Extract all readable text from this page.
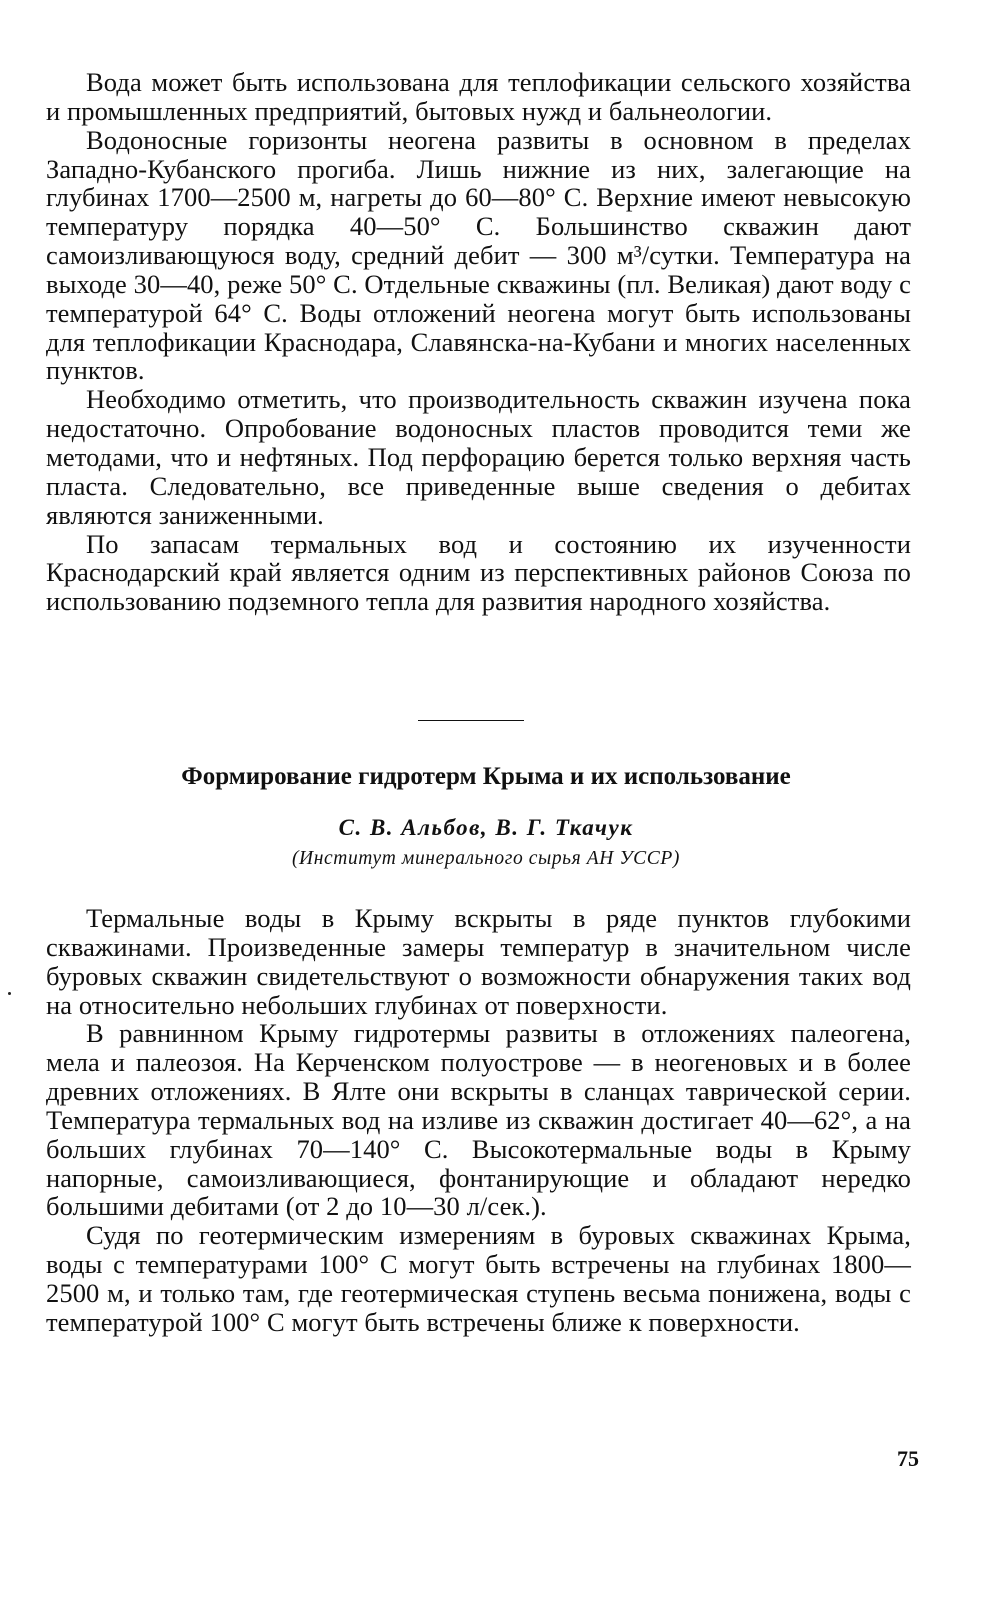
Вода может быть использована для теплофикации сельского хозяйства и промышленных предприятий, бытовых нужд и бальнеологии.

Водоносные горизонты неогена развиты в основном в пределах Западно-Кубанского прогиба. Лишь нижние из них, залегающие на глубинах 1700—2500 м, нагреты до 60—80° С. Верхние имеют невысокую температуру порядка 40—50° С. Большинство скважин дают самоизливающуюся воду, средний дебит — 300 м³/сутки. Температура на выходе 30—40, реже 50° С. Отдельные скважины (пл. Великая) дают воду с температурой 64° С. Воды отложений неогена могут быть использованы для теплофикации Краснодара, Славянска-на-Кубани и многих населенных пунктов.

Необходимо отметить, что производительность скважин изучена пока недостаточно. Опробование водоносных пластов проводится теми же методами, что и нефтяных. Под перфорацию берется только верхняя часть пласта. Следовательно, все приведенные выше сведения о дебитах являются заниженными.

По запасам термальных вод и состоянию их изученности Краснодарский край является одним из перспективных районов Союза по использованию подземного тепла для развития народного хозяйства.

Формирование гидротерм Крыма и их использование
С. В. Альбов, В. Г. Ткачук
(Институт минерального сырья АН УССР)

Термальные воды в Крыму вскрыты в ряде пунктов глубокими скважинами. Произведенные замеры температур в значительном числе буровых скважин свидетельствуют о возможности обнаружения таких вод на относительно небольших глубинах от поверхности.

В равнинном Крыму гидротермы развиты в отложениях палеогена, мела и палеозоя. На Керченском полуострове — в неогеновых и в более древних отложениях. В Ялте они вскрыты в сланцах таврической серии. Температура термальных вод на изливе из скважин достигает 40—62°, а на больших глубинах 70—140° С. Высокотермальные воды в Крыму напорные, самоизливающиеся, фонтанирующие и обладают нередко большими дебитами (от 2 до 10—30 л/сек.).

Судя по геотермическим измерениям в буровых скважинах Крыма, воды с температурами 100° С могут быть встречены на глубинах 1800—2500 м, и только там, где геотермическая ступень весьма понижена, воды с температурой 100° С могут быть встречены ближе к поверхности.

75
